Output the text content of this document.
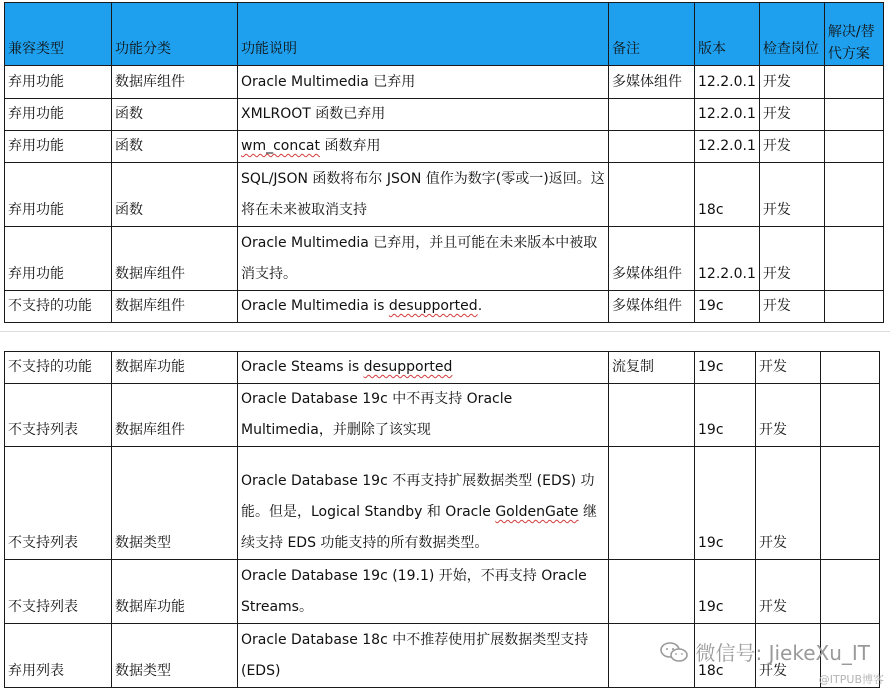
兼容类型	功能分类	功能说明	备注	版本	检查岗位	解决/替代方案
弃用功能	数据库组件	Oracle Multimedia 已弃用	多媒体组件	12.2.0.1	开发	
弃用功能	函数	XMLROOT 函数已弃用		12.2.0.1	开发	
弃用功能	函数	wm_concat 函数弃用		12.2.0.1	开发	
弃用功能	函数	SQL/JSON 函数将布尔 JSON 值作为数字(零或一)返回。这将在未来被取消支持		18c	开发	
弃用功能	数据库组件	Oracle Multimedia 已弃用，并且可能在未来版本中被取消支持。	多媒体组件	12.2.0.1	开发	
不支持的功能	数据库组件	Oracle Multimedia is desupported.	多媒体组件	19c	开发	
不支持的功能	数据库功能	Oracle Steams is desupported	流复制	19c	开发	
不支持列表	数据库组件	Oracle Database 19c 中不再支持 Oracle Multimedia，并删除了该实现		19c	开发	
不支持列表	数据类型	Oracle Database 19c 不再支持扩展数据类型 (EDS) 功能。但是，Logical Standby 和 Oracle GoldenGate 继续支持 EDS 功能支持的所有数据类型。		19c	开发	
不支持列表	数据库功能	Oracle Database 19c (19.1) 开始，不再支持 Oracle Streams。		19c	开发	
弃用列表	数据类型	Oracle Database 18c 中不推荐使用扩展数据类型支持 (EDS)		18c	开发	
微信号: JiekeXu_IT
@ITPUB博客
